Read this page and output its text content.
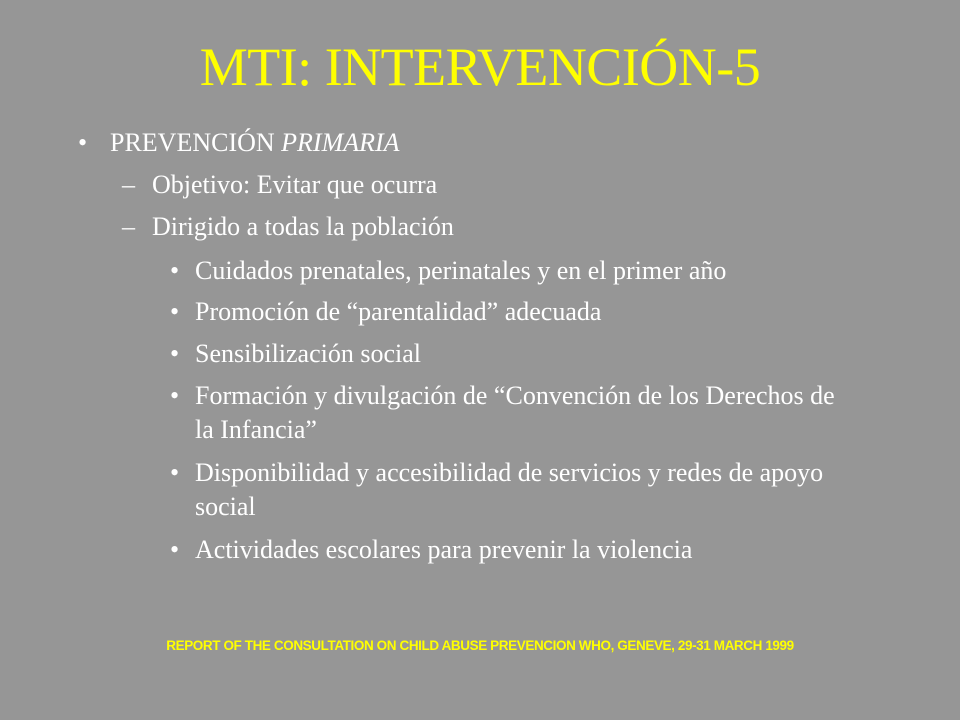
MTI: INTERVENCIÓN-5
• PREVENCIÓN PRIMARIA
– Objetivo: Evitar que ocurra
– Dirigido a todas la población
• Cuidados prenatales, perinatales y en el primer año
• Promoción de “parentalidad” adecuada
• Sensibilización social
• Formación y divulgación de “Convención de los Derechos de la Infancia”
• Disponibilidad y accesibilidad de servicios y redes de apoyo social
• Actividades escolares para prevenir la violencia
REPORT OF THE CONSULTATION ON CHILD ABUSE PREVENCION WHO, GENEVE, 29-31 MARCH 1999
